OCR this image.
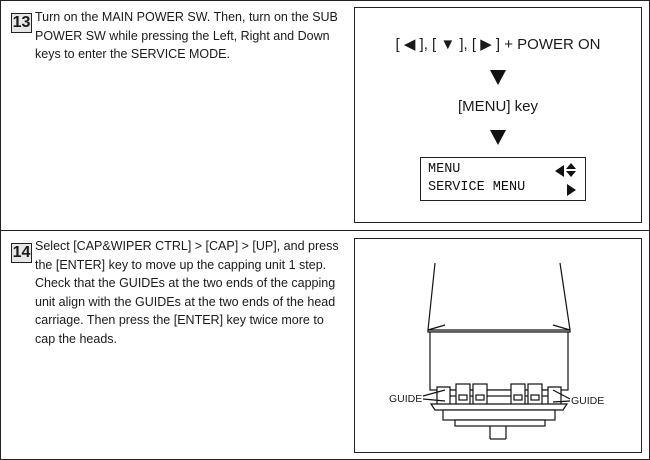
13 Turn on the MAIN POWER SW. Then, turn on the SUB
POWER SW while pressing the Left, Right and Down
keys to enter the SERVICE MODE.
[ ◀ ], [ ▼ ], [ ▶ ] + POWER ON
[MENU] key
MENU
SERVICE MENU
14 Select [CAP&WIPER CTRL] > [CAP] > [UP], and press
the [ENTER] key to move up the capping unit 1 step.
Check that the GUIDEs at the two ends of the capping
unit align with the GUIDEs at the two ends of the head
carriage. Then press the [ENTER] key twice more to
cap the heads.
GUIDE	GUIDE
